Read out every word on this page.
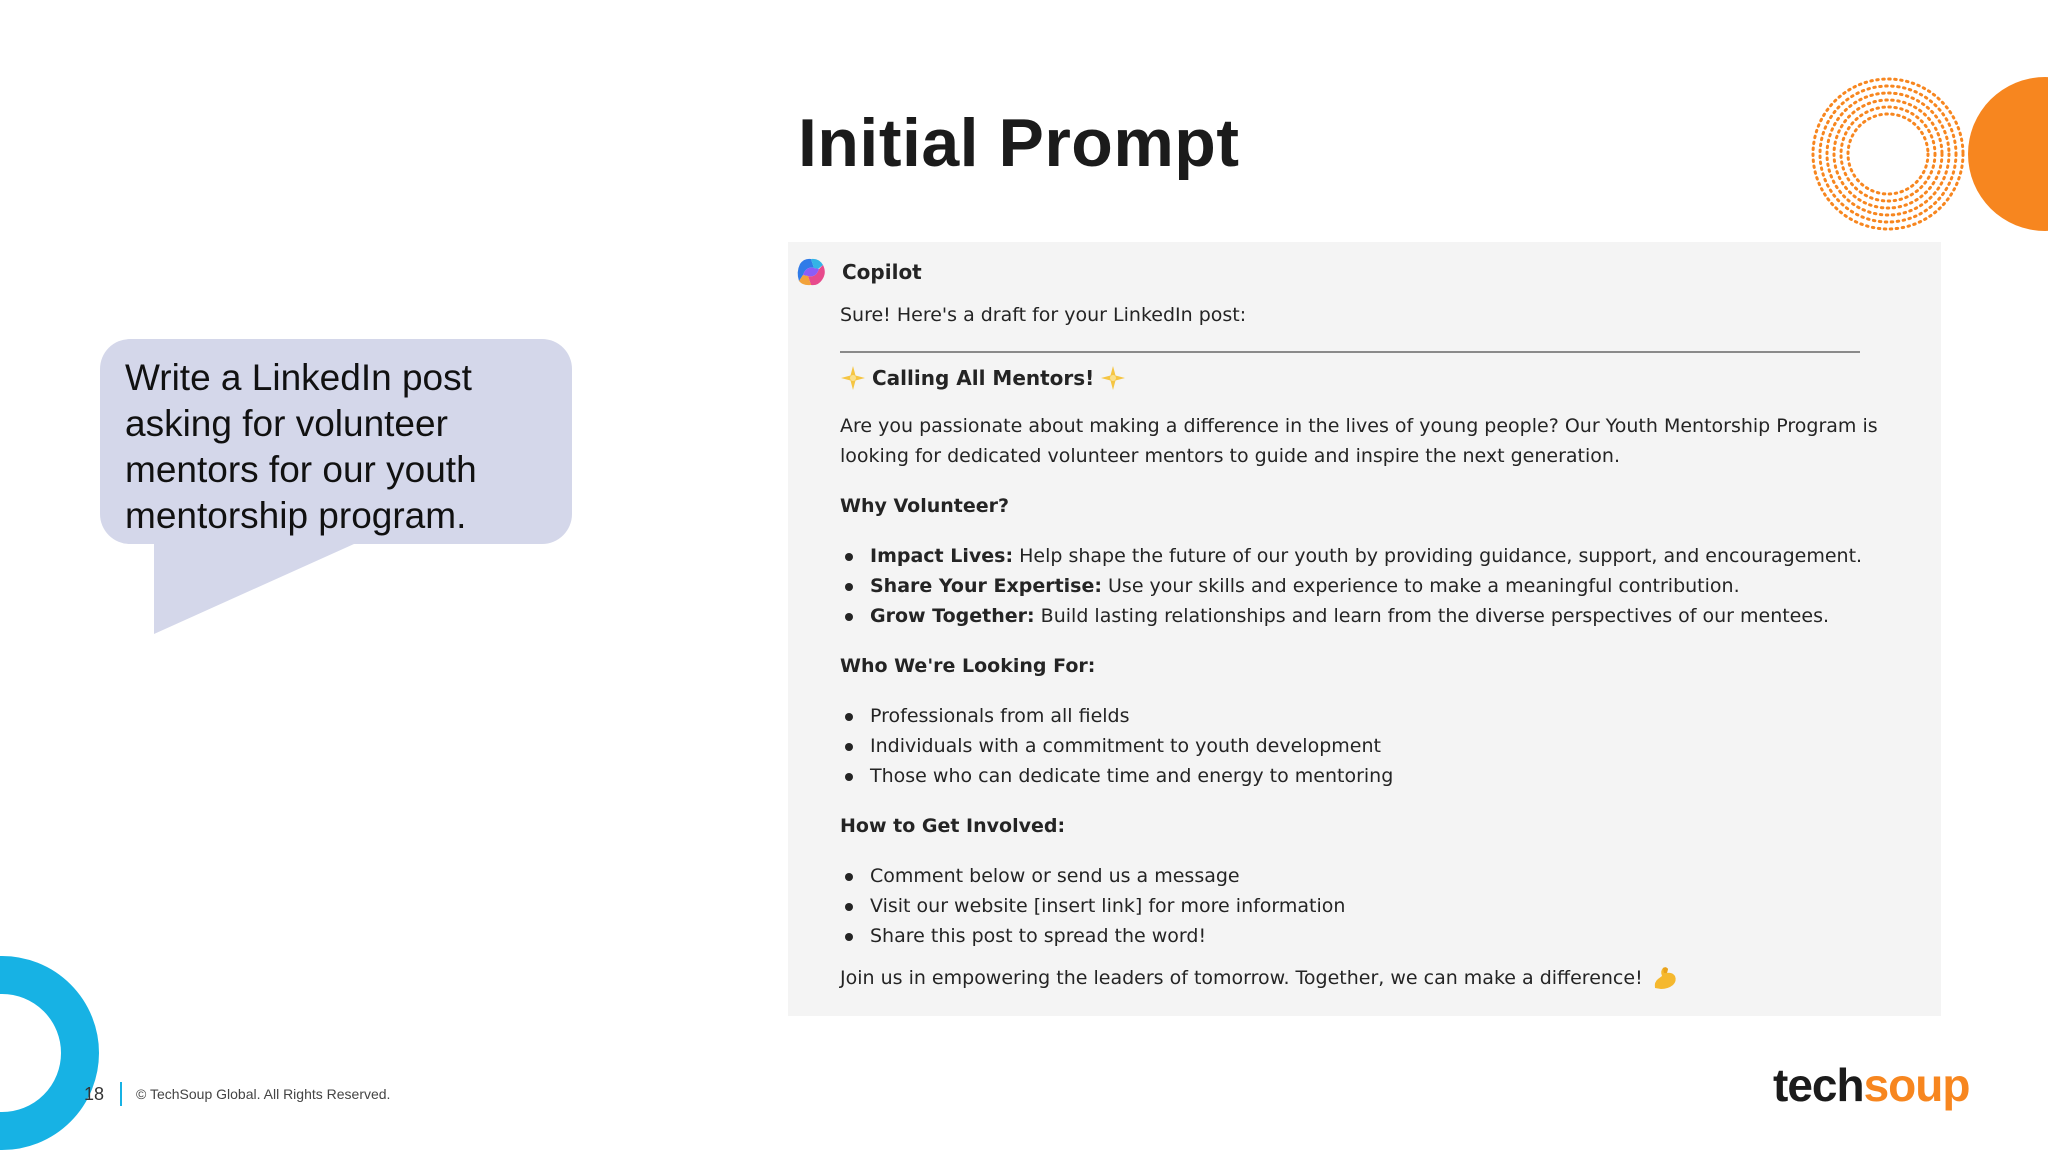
Initial Prompt
Write a LinkedIn post asking for volunteer mentors for our youth mentorship program.
Copilot

Sure! Here's a draft for your LinkedIn post:

Calling All Mentors!

Are you passionate about making a difference in the lives of young people? Our Youth Mentorship Program is looking for dedicated volunteer mentors to guide and inspire the next generation.

Why Volunteer?

Impact Lives: Help shape the future of our youth by providing guidance, support, and encouragement.
Share Your Expertise: Use your skills and experience to make a meaningful contribution.
Grow Together: Build lasting relationships and learn from the diverse perspectives of our mentees.

Who We're Looking For:

Professionals from all fields
Individuals with a commitment to youth development
Those who can dedicate time and energy to mentoring

How to Get Involved:

Comment below or send us a message
Visit our website [insert link] for more information
Share this post to spread the word!

Join us in empowering the leaders of tomorrow. Together, we can make a difference!

18 © TechSoup Global. All Rights Reserved.	techsoup
